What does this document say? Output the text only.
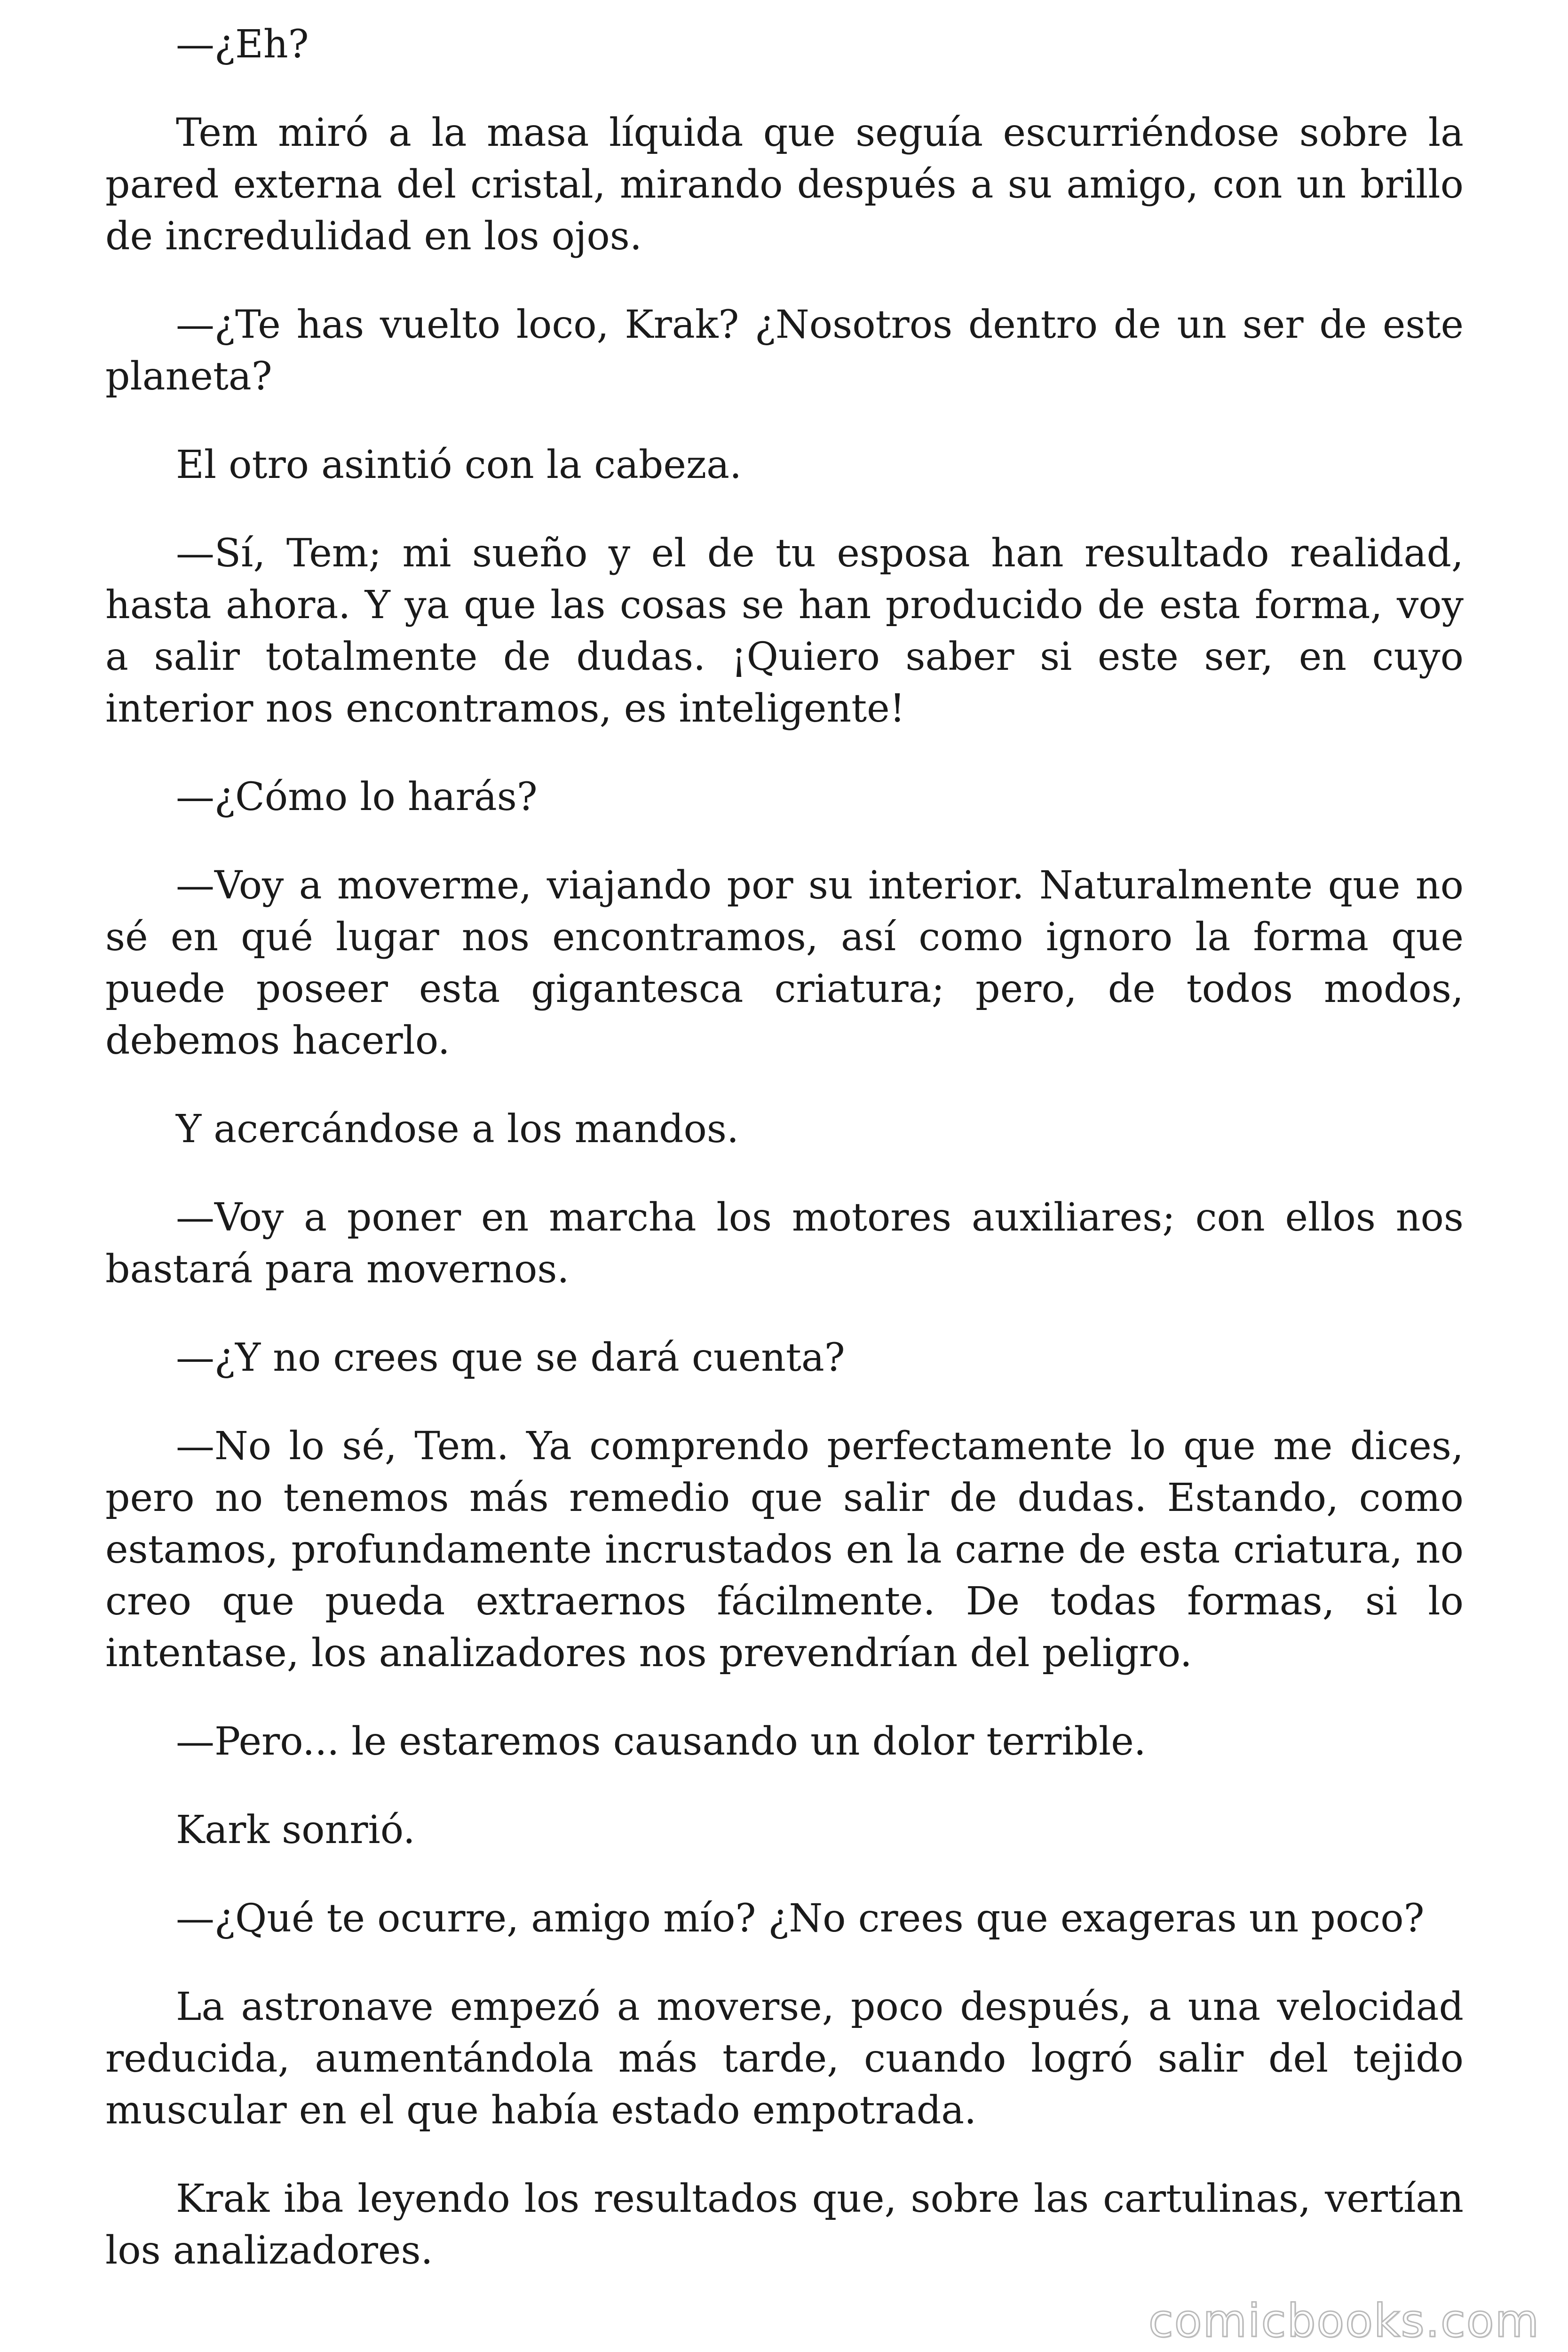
—¿Eh?

Tem miró a la masa líquida que seguía escurriéndose sobre la pared externa del cristal, mirando después a su amigo, con un brillo de incredulidad en los ojos.

—¿Te has vuelto loco, Krak? ¿Nosotros dentro de un ser de este planeta?

El otro asintió con la cabeza.

—Sí, Tem; mi sueño y el de tu esposa han resultado realidad, hasta ahora. Y ya que las cosas se han producido de esta forma, voy a salir totalmente de dudas. ¡Quiero saber si este ser, en cuyo interior nos encontramos, es inteligente!

—¿Cómo lo harás?

—Voy a moverme, viajando por su interior. Naturalmente que no sé en qué lugar nos encontramos, así como ignoro la forma que puede poseer esta gigantesca criatura; pero, de todos modos, debemos hacerlo.

Y acercándose a los mandos.

—Voy a poner en marcha los motores auxiliares; con ellos nos bastará para movernos.

—¿Y no crees que se dará cuenta?

—No lo sé, Tem. Ya comprendo perfectamente lo que me dices, pero no tenemos más remedio que salir de dudas. Estando, como estamos, profundamente incrustados en la carne de esta criatura, no creo que pueda extraernos fácilmente. De todas formas, si lo intentase, los analizadores nos prevendrían del peligro.

—Pero... le estaremos causando un dolor terrible.

Kark sonrió.

—¿Qué te ocurre, amigo mío? ¿No crees que exageras un poco?

La astronave empezó a moverse, poco después, a una velocidad reducida, aumentándola más tarde, cuando logró salir del tejido muscular en el que había estado empotrada.

Krak iba leyendo los resultados que, sobre las cartulinas, vertían los analizadores.

comicbooks.com
